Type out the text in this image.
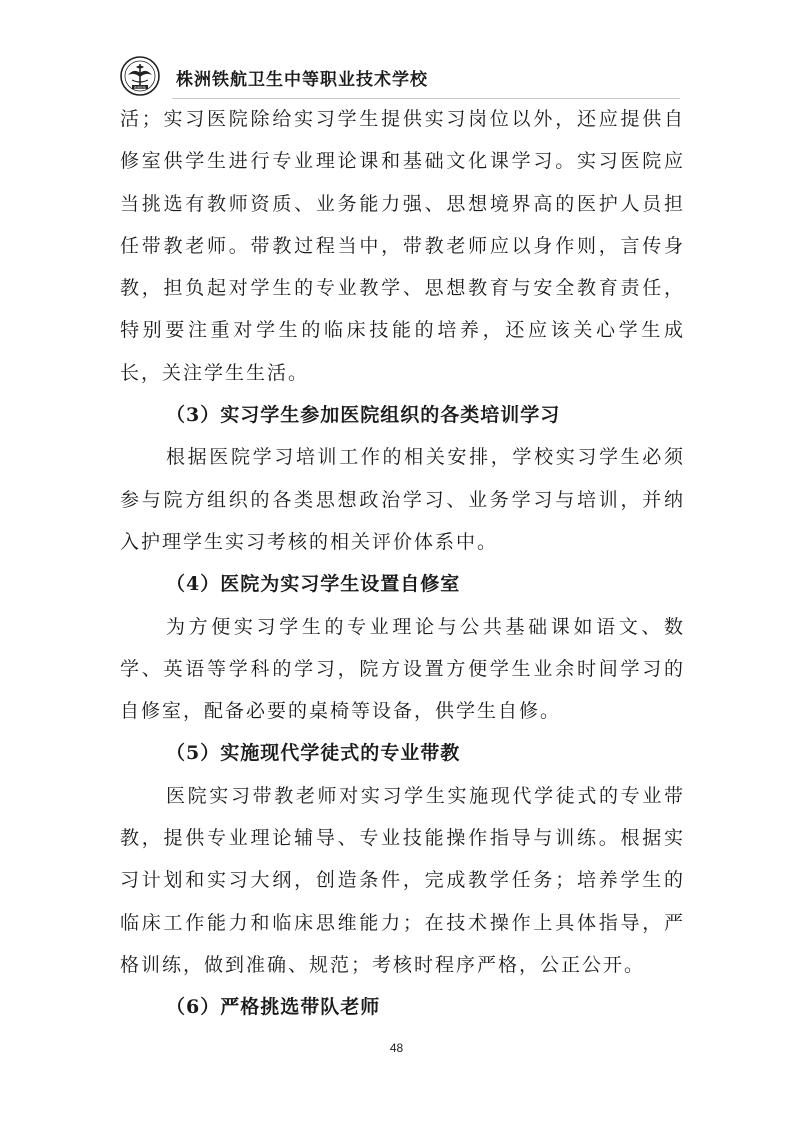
株洲铁航 株洲铁航卫生中等职业技术学校

活；实习医院除给实习学生提供实习岗位以外，还应提供自修室供学生进行专业理论课和基础文化课学习。实习医院应当挑选有教师资质、业务能力强、思想境界高的医护人员担任带教老师。带教过程当中，带教老师应以身作则，言传身教，担负起对学生的专业教学、思想教育与安全教育责任，特别要注重对学生的临床技能的培养，还应该关心学生成长，关注学生生活。

（3）实习学生参加医院组织的各类培训学习

根据医院学习培训工作的相关安排，学校实习学生必须参与院方组织的各类思想政治学习、业务学习与培训，并纳入护理学生实习考核的相关评价体系中。

（4）医院为实习学生设置自修室

为方便实习学生的专业理论与公共基础课如语文、数学、英语等学科的学习，院方设置方便学生业余时间学习的自修室，配备必要的桌椅等设备，供学生自修。

（5）实施现代学徒式的专业带教

医院实习带教老师对实习学生实施现代学徒式的专业带教，提供专业理论辅导、专业技能操作指导与训练。根据实习计划和实习大纲，创造条件，完成教学任务；培养学生的临床工作能力和临床思维能力；在技术操作上具体指导，严格训练，做到准确、规范；考核时程序严格，公正公开。

（6）严格挑选带队老师

48
